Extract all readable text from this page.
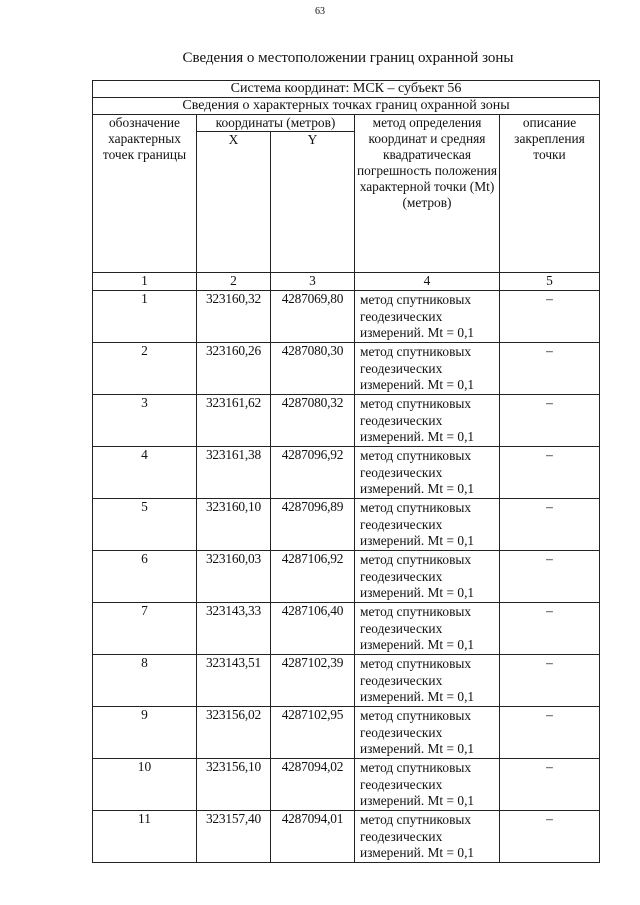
63
Сведения о местоположении границ охранной зоны
Система координат: МСК – субъект 56				
Сведения о характерных точках границ охранной зоны				
обозначение характерных точек границы	координаты (метров)		метод определения координат и средняя квадратическая погрешность положения характерной точки (Mt) (метров)	описание закрепления точки

	X	Y		

1	2	3	4	5
1	323160,32	4287069,80	метод спутниковых геодезических измерений. Mt = 0,1	–
2	323160,26	4287080,30	метод спутниковых геодезических измерений. Mt = 0,1	–
3	323161,62	4287080,32	метод спутниковых геодезических измерений. Mt = 0,1	–
4	323161,38	4287096,92	метод спутниковых геодезических измерений. Mt = 0,1	–
5	323160,10	4287096,89	метод спутниковых геодезических измерений. Mt = 0,1	–
6	323160,03	4287106,92	метод спутниковых геодезических измерений. Mt = 0,1	–
7	323143,33	4287106,40	метод спутниковых геодезических измерений. Mt = 0,1	–
8	323143,51	4287102,39	метод спутниковых геодезических измерений. Mt = 0,1	–
9	323156,02	4287102,95	метод спутниковых геодезических измерений. Mt = 0,1	–
10	323156,10	4287094,02	метод спутниковых геодезических измерений. Mt = 0,1	–
11	323157,40	4287094,01	метод спутниковых геодезических измерений. Mt = 0,1	–
